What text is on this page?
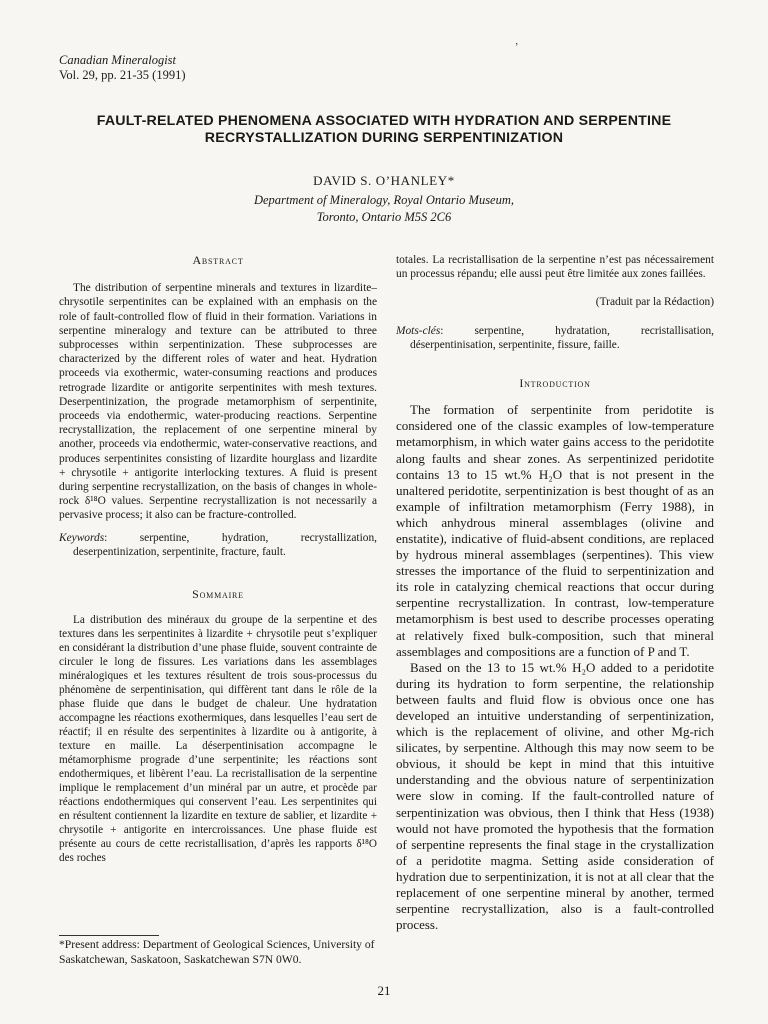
Canadian Mineralogist
Vol. 29, pp. 21-35 (1991)
ʼ
FAULT-RELATED PHENOMENA ASSOCIATED WITH HYDRATION AND SERPENTINE
RECRYSTALLIZATION DURING SERPENTINIZATION
DAVID S. O’HANLEY*
Department of Mineralogy, Royal Ontario Museum,
Toronto, Ontario M5S 2C6
Abstract

The distribution of serpentine minerals and textures in lizardite–chrysotile serpentinites can be explained with an emphasis on the role of fault-controlled flow of fluid in their formation. Variations in serpentine mineralogy and texture can be attributed to three subprocesses within serpentinization. These subprocesses are characterized by the different roles of water and heat. Hydration proceeds via exothermic, water-consuming reactions and produces retrograde lizardite or antigorite serpentinites with mesh textures. Deserpentinization, the prograde metamorphism of serpentinite, proceeds via endothermic, water-producing reactions. Serpentine recrystallization, the replacement of one serpentine mineral by another, proceeds via endothermic, water-conservative reactions, and produces serpentinites consisting of lizardite hourglass and lizardite + chrysotile + antigorite interlocking textures. A fluid is present during serpentine recrystallization, on the basis of changes in whole-rock δ¹⁸O values. Serpentine recrystallization is not necessarily a pervasive process; it also can be fracture-controlled.

Keywords: serpentine, hydration, recrystallization, deserpentinization, serpentinite, fracture, fault.

Sommaire

La distribution des minéraux du groupe de la serpentine et des textures dans les serpentinites à lizardite + chrysotile peut s’expliquer en considérant la distribution d’une phase fluide, souvent contrainte de circuler le long de fissures. Les variations dans les assemblages minéralogiques et les textures résultent de trois sous-processus du phénomène de serpentinisation, qui diffèrent tant dans le rôle de la phase fluide que dans le budget de chaleur. Une hydratation accompagne les réactions exothermiques, dans lesquelles l’eau sert de réactif; il en résulte des serpentinites à lizardite ou à antigorite, à texture en maille. La déserpentinisation accompagne le métamorphisme prograde d’une serpentinite; les réactions sont endothermiques, et libèrent l’eau. La recristallisation de la serpentine implique le remplacement d’un minéral par un autre, et procède par réactions endothermiques qui conservent l’eau. Les serpentinites qui en résultent contiennent la lizardite en texture de sablier, et lizardite + chrysotile + antigorite en intercroissances. Une phase fluide est présente au cours de cette recristallisation, d’après les rapports δ¹⁸O des roches

*Present address: Department of Geological Sciences, University of Saskatchewan, Saskatoon, Saskatchewan S7N 0W0.

totales. La recristallisation de la serpentine n’est pas nécessairement un processus répandu; elle aussi peut être limitée aux zones faillées.

(Traduit par la Rédaction)

Mots-clés: serpentine, hydratation, recristallisation, déserpentinisation, serpentinite, fissure, faille.

Introduction

The formation of serpentinite from peridotite is considered one of the classic examples of low-temperature metamorphism, in which water gains access to the peridotite along faults and shear zones. As serpentinized peridotite contains 13 to 15 wt.% H₂O that is not present in the unaltered peridotite, serpentinization is best thought of as an example of infiltration metamorphism (Ferry 1988), in which anhydrous mineral assemblages (olivine and enstatite), indicative of fluid-absent conditions, are replaced by hydrous mineral assemblages (serpentines). This view stresses the importance of the fluid to serpentinization and its role in catalyzing chemical reactions that occur during serpentine recrystallization. In contrast, low-temperature metamorphism is best used to describe processes operating at relatively fixed bulk-composition, such that mineral assemblages and compositions are a function of P and T.

Based on the 13 to 15 wt.% H₂O added to a peridotite during its hydration to form serpentine, the relationship between faults and fluid flow is obvious once one has developed an intuitive understanding of serpentinization, which is the replacement of olivine, and other Mg-rich silicates, by serpentine. Although this may now seem to be obvious, it should be kept in mind that this intuitive understanding and the obvious nature of serpentinization were slow in coming. If the fault-controlled nature of serpentinization was obvious, then I think that Hess (1938) would not have promoted the hypothesis that the formation of serpentine represents the final stage in the crystallization of a peridotite magma. Setting aside consideration of hydration due to serpentinization, it is not at all clear that the replacement of one serpentine mineral by another, termed serpentine recrystallization, also is a fault-controlled process.

21
